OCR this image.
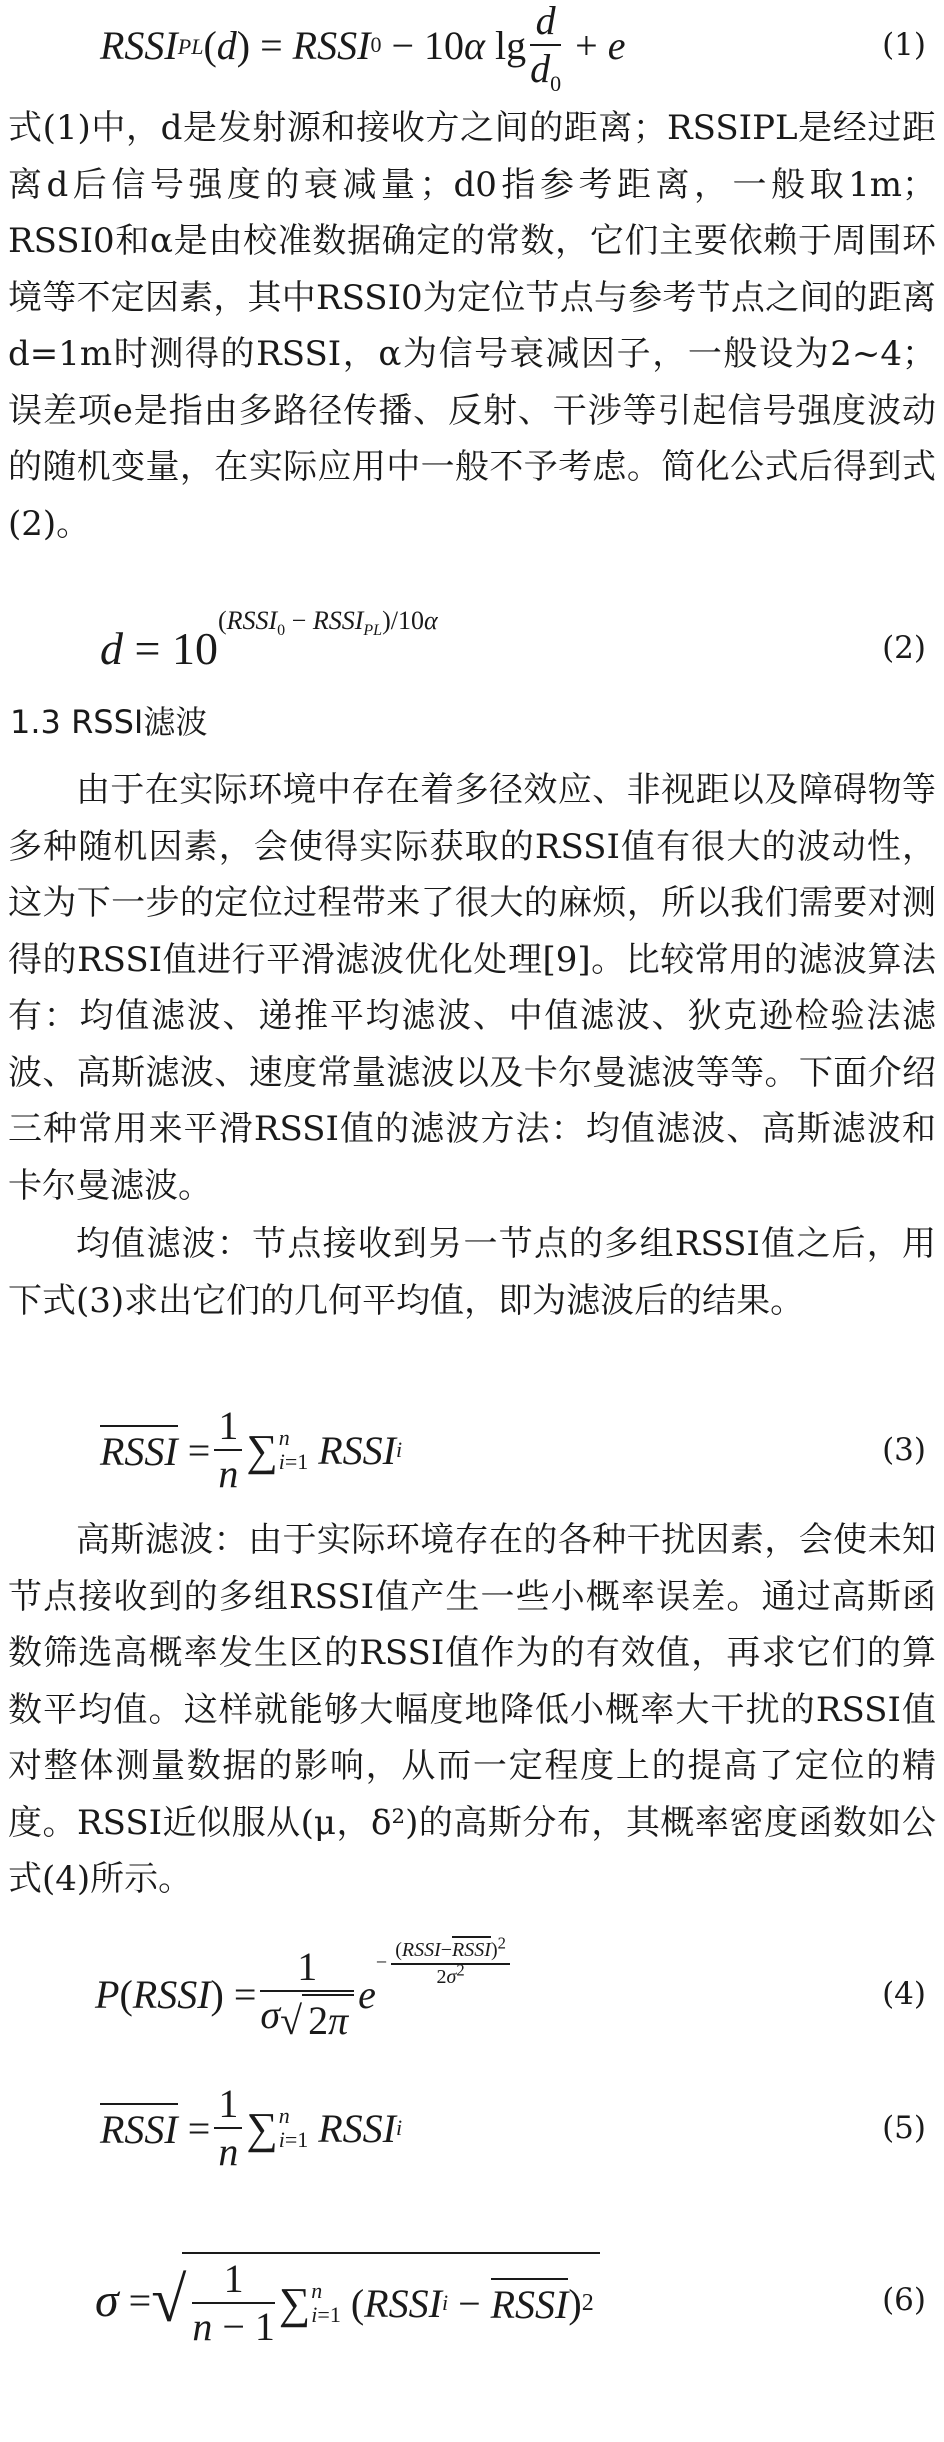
RSSI PL ( d ) = RSSI 0 − 10 α $\lg \frac{d}{d_0} + e$	(1)

式(1)中，d是发射源和接收方之间的距离；RSSIPL是经过距离d后信号强度的衰减量；d0指参考距离，一般取1m；RSSI0和α是由校准数据确定的常数，它们主要依赖于周围环境等不定因素，其中RSSI0为定位节点与参考节点之间的距离d=1m时测得的RSSI，α为信号衰减因子，一般设为2~4；误差项e是指由多路径传播、反射、干涉等引起信号强度波动的随机变量，在实际应用中一般不予考虑。简化公式后得到式(2)。

d = 10
$^{(RSSI_0 - RSSI_{PL})/10\alpha}$
(2)
1.3 RSSI滤波

由于在实际环境中存在着多径效应、非视距以及障碍物等多种随机因素，会使得实际获取的RSSI值有很大的波动性，这为下一步的定位过程带来了很大的麻烦，所以我们需要对测得的RSSI值进行平滑滤波优化处理[9]。比较常用的滤波算法有：均值滤波、递推平均滤波、中值滤波、狄克逊检验法滤波、高斯滤波、速度常量滤波以及卡尔曼滤波等等。下面介绍三种常用来平滑RSSI值的滤波方法：均值滤波、高斯滤波和卡尔曼滤波。

均值滤波：节点接收到另一节点的多组RSSI值之后，用下式(3)求出它们的几何平均值，即为滤波后的结果。

RSSI = $\frac{1}{n}$ ∑ n
i=1
RSSI i	(3)

高斯滤波：由于实际环境存在的各种干扰因素，会使未知节点接收到的多组RSSI值产生一些小概率误差。通过高斯函数筛选高概率发生区的RSSI值作为的有效值，再求它们的算数平均值。这样就能够大幅度地降低小概率大干扰的RSSI值对整体测量数据的影响，从而一定程度上的提高了定位的精度。RSSI近似服从(μ，δ²)的高斯分布，其概率密度函数如公式(4)所示。

P ( RSSI ) = $\frac{1}{\sigma√ 2\pi}$ e
$^{- \frac{(RSSI-RSSI)^2}{2\sigma^2}}$
(4)
RSSI = $\frac{1}{n}$ ∑ n
i=1
RSSI i	(5)
σ = √ $\frac{1}{n - 1}$ ∑ n
i=1 ( RSSI i − RSSI ) 2	(6)
